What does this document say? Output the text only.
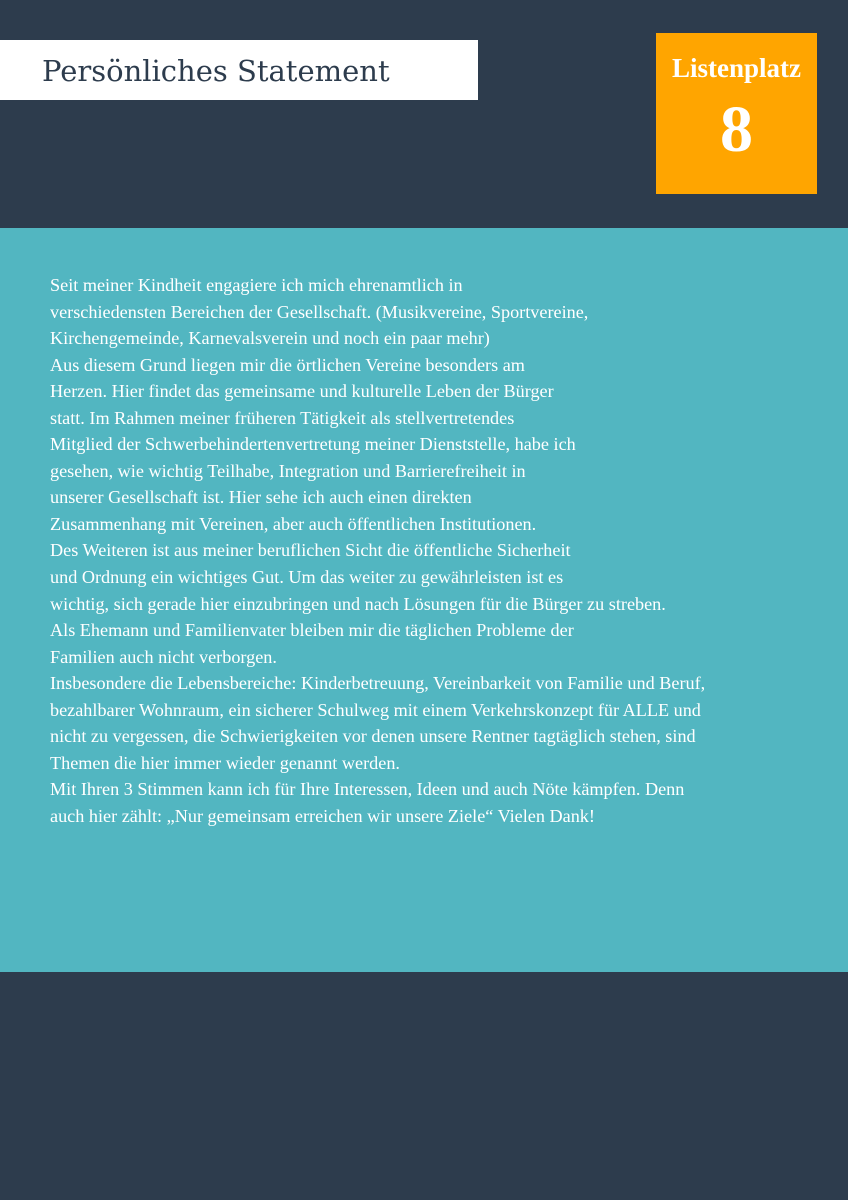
Persönliches Statement	Listenplatz
8
Seit meiner Kindheit engagiere ich mich ehrenamtlich in
verschiedensten Bereichen der Gesellschaft. (Musikvereine, Sportvereine,
Kirchengemeinde, Karnevalsverein und noch ein paar mehr)
Aus diesem Grund liegen mir die örtlichen Vereine besonders am
Herzen. Hier findet das gemeinsame und kulturelle Leben der Bürger
statt. Im Rahmen meiner früheren Tätigkeit als stellvertretendes
Mitglied der Schwerbehindertenvertretung meiner Dienststelle, habe ich
gesehen, wie wichtig Teilhabe, Integration und Barrierefreiheit in
unserer Gesellschaft ist. Hier sehe ich auch einen direkten
Zusammenhang mit Vereinen, aber auch öffentlichen Institutionen.
Des Weiteren ist aus meiner beruflichen Sicht die öffentliche Sicherheit
und Ordnung ein wichtiges Gut. Um das weiter zu gewährleisten ist es
wichtig, sich gerade hier einzubringen und nach Lösungen für die Bürger zu streben.
Als Ehemann und Familienvater bleiben mir die täglichen Probleme der
Familien auch nicht verborgen.
Insbesondere die Lebensbereiche: Kinderbetreuung, Vereinbarkeit von Familie und Beruf,
bezahlbarer Wohnraum, ein sicherer Schulweg mit einem Verkehrskonzept für ALLE und
nicht zu vergessen, die Schwierigkeiten vor denen unsere Rentner tagtäglich stehen, sind
Themen die hier immer wieder genannt werden.
Mit Ihren 3 Stimmen kann ich für Ihre Interessen, Ideen und auch Nöte kämpfen. Denn
auch hier zählt: „Nur gemeinsam erreichen wir unsere Ziele“ Vielen Dank!
